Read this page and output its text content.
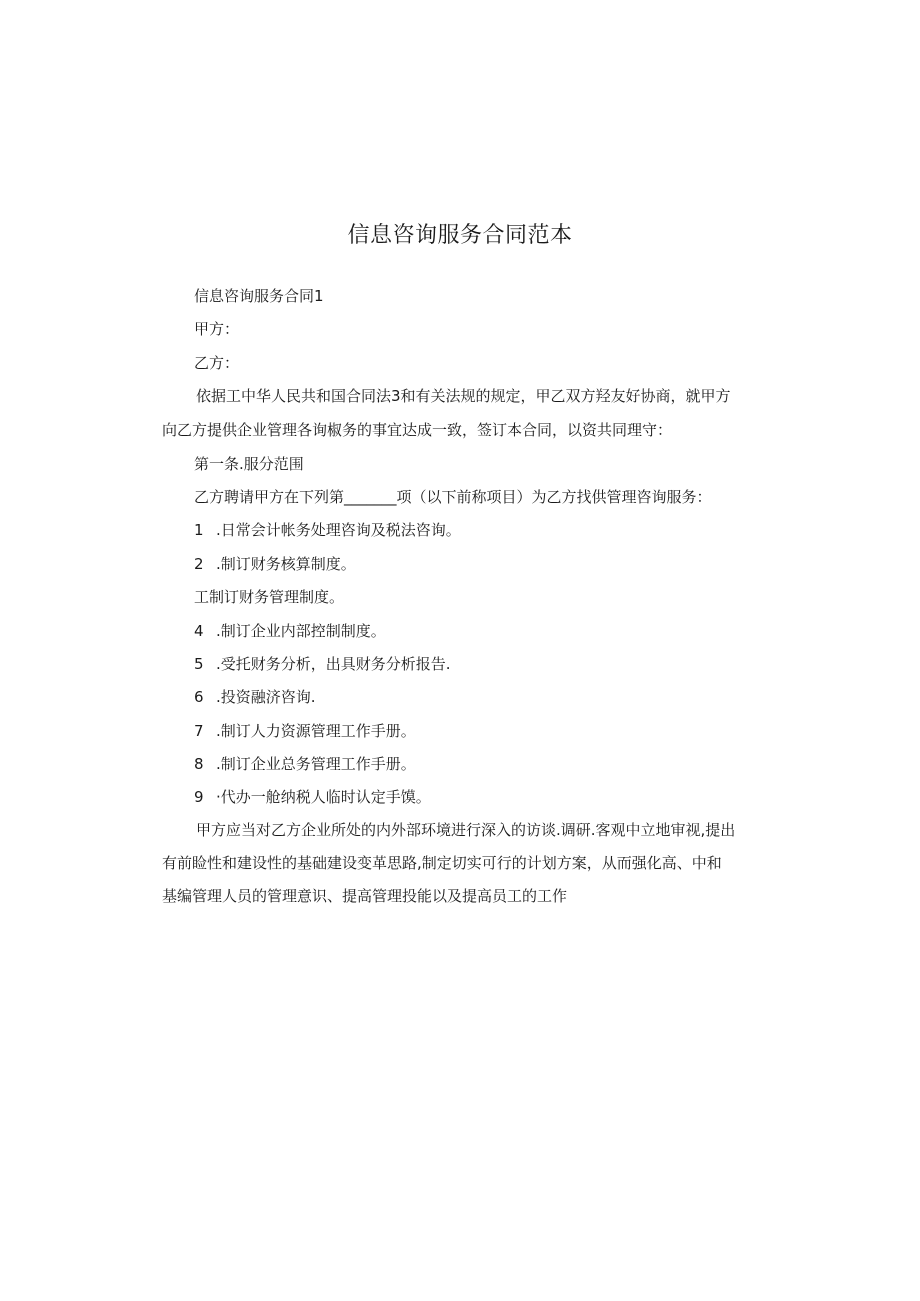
信息咨询服务合同范本
信息咨询服务合同1
甲方：
乙方：
依据工中华人民共和国合同法3和有关法规的规定，甲乙双方羟友好协商，就甲方
向乙方提供企业管理各询椒务的事宜达成一致，签订本合同，以资共同理守：
第一条.服分范围
乙方聘请甲方在下列第_______项（以下前称项目）为乙方找供管理咨询服务：
1 .日常会计帐务处理咨询及税法咨询。
2 .制订财务核算制度。
工制订财务管理制度。
4 .制订企业内部控制制度。
5 .受托财务分析，出具财务分析报告.
6 .投资融济咨询.
7 .制订人力资源管理工作手册。
8 .制订企业总务管理工作手册。
9 ·代办一舱纳税人临时认定手馍。
甲方应当对乙方企业所处的内外部环境进行深入的访谈.调研.客观中立地审视,提出
有前睑性和建设性的基础建设变革思路,制定切实可行的计划方案，从而强化高、中和
基编管理人员的管理意识、提高管理投能以及提高员工的工作
